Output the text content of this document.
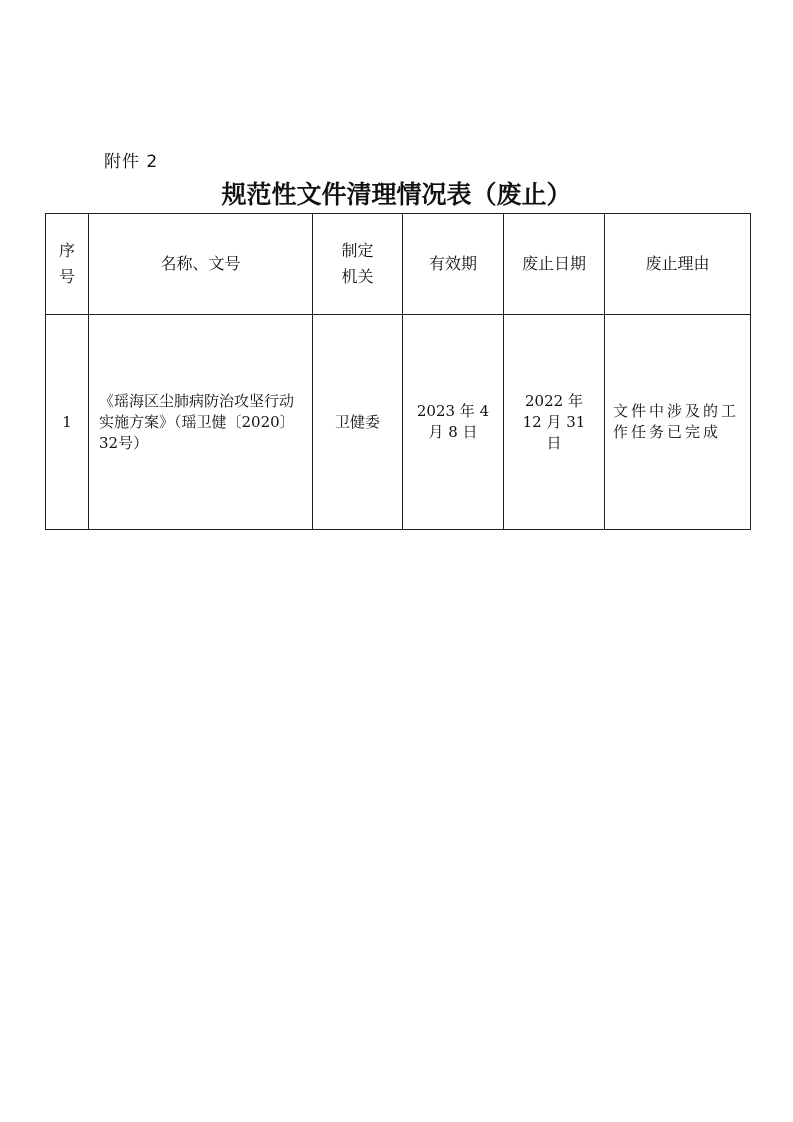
附件 2
规范性文件清理情况表（废止）
序号	名称、文号	制定机关	有效期	废止日期	废止理由
1	《瑶海区尘肺病防治攻坚行动实施方案》（瑶卫健〔2020〕32号）	卫健委	2023 年 4 月 8 日	2022 年 12 月 31 日	文件中涉及的工作任务已完成
